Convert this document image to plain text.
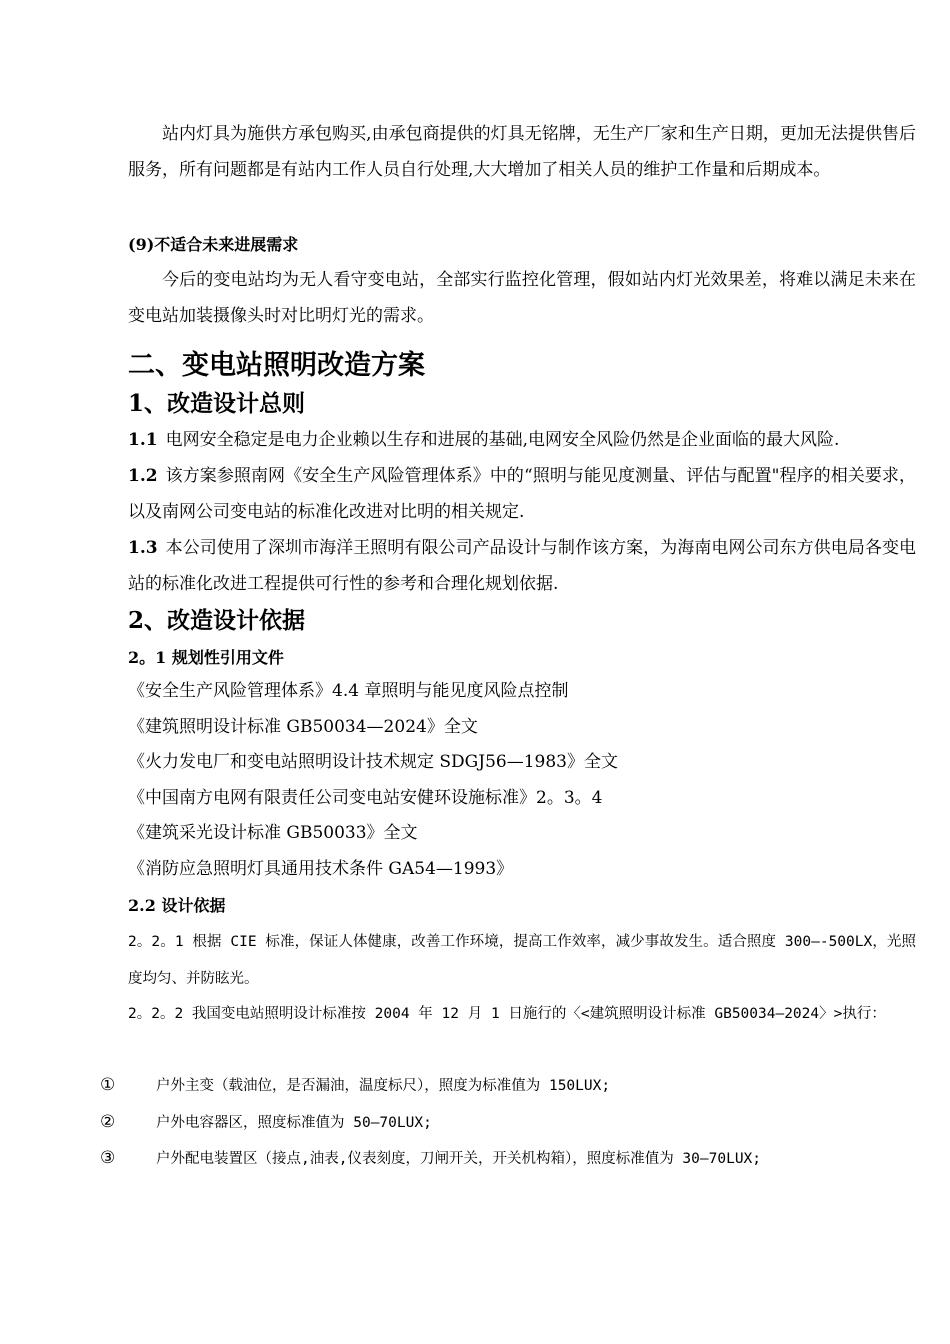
站内灯具为施供方承包购买,由承包商提供的灯具无铭牌，无生产厂家和生产日期，更加无法提供售后服务，所有问题都是有站内工作人员自行处理,大大增加了相关人员的维护工作量和后期成本。

(9)不适合未来进展需求

今后的变电站均为无人看守变电站，全部实行监控化管理，假如站内灯光效果差，将难以满足未来在变电站加装摄像头时对比明灯光的需求。

二、变电站照明改造方案
1、改造设计总则

1.1 电网安全稳定是电力企业赖以生存和进展的基础,电网安全风险仍然是企业面临的最大风险.

1.2 该方案参照南网《安全生产风险管理体系》中的“照明与能见度测量、评估与配置"程序的相关要求，以及南网公司变电站的标准化改进对比明的相关规定.

1.3 本公司使用了深圳市海洋王照明有限公司产品设计与制作该方案，为海南电网公司东方供电局各变电站的标准化改进工程提供可行性的参考和合理化规划依据.

2、改造设计依据
2。1 规划性引用文件
《安全生产风险管理体系》4.4 章照明与能见度风险点控制
《建筑照明设计标准 GB50034—2024》全文
《火力发电厂和变电站照明设计技术规定 SDGJ56—1983》全文
《中国南方电网有限责任公司变电站安健环设施标准》2。3。4
《建筑采光设计标准 GB50033》全文
《消防应急照明灯具通用技术条件 GA54—1993》
2.2 设计依据

2。2。1 根据 CIE 标准，保证人体健康，改善工作环境，提高工作效率，减少事故发生。适合照度 300—-500LX，光照度均匀、并防眩光。

2。2。2 我国变电站照明设计标准按 2004 年 12 月 1 日施行的〈<建筑照明设计标准 GB50034—2024〉>执行：

①	户外主变（载油位，是否漏油，温度标尺），照度为标准值为 150LUX;

②	户外电容器区，照度标准值为 50—70LUX;

③	户外配电装置区（接点,油表,仪表刻度，刀闸开关，开关机构箱），照度标准值为 30—70LUX;
